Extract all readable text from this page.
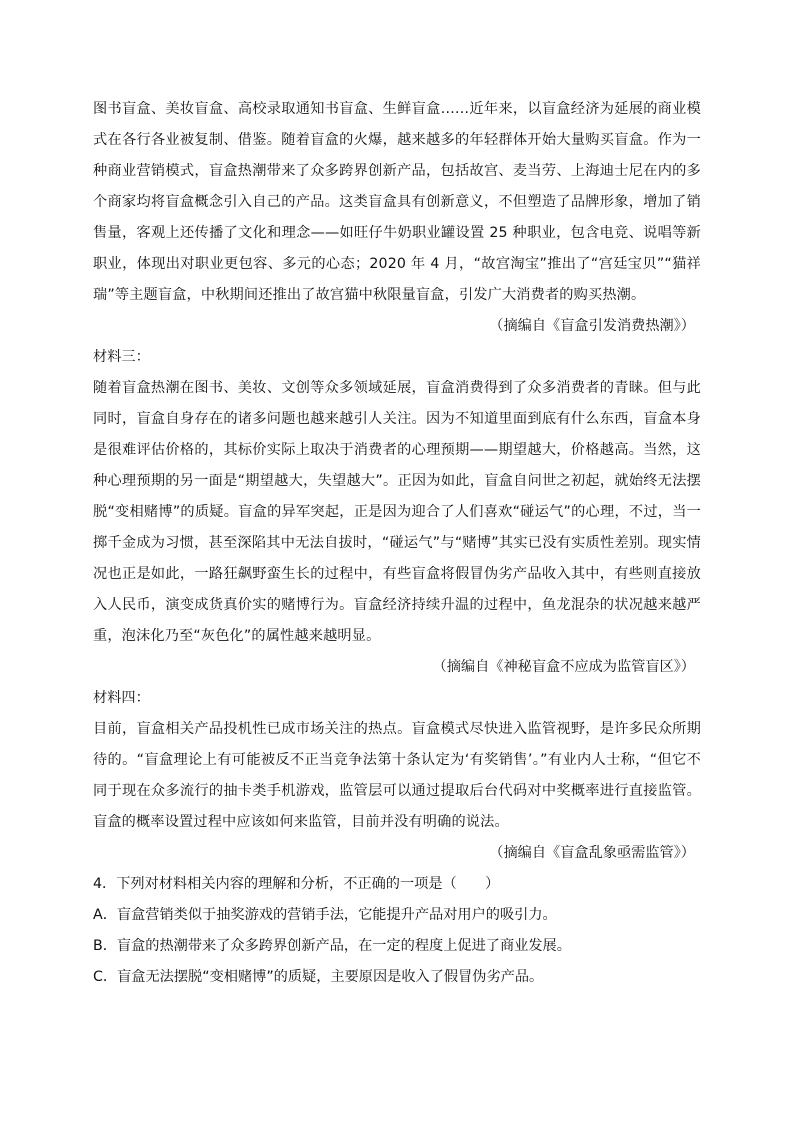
图书盲盒、美妆盲盒、高校录取通知书盲盒、生鲜盲盒……近年来，以盲盒经济为延展的商业模式在各行各业被复制、借鉴。随着盲盒的火爆，越来越多的年轻群体开始大量购买盲盒。作为一种商业营销模式，盲盒热潮带来了众多跨界创新产品，包括故宫、麦当劳、上海迪士尼在内的多个商家均将盲盒概念引入自己的产品。这类盲盒具有创新意义，不但塑造了品牌形象，增加了销售量，客观上还传播了文化和理念——如旺仔牛奶职业罐设置 25 种职业，包含电竞、说唱等新职业，体现出对职业更包容、多元的心态；2020 年 4 月，“故宫淘宝”推出了“宫廷宝贝”“猫祥瑞”等主题盲盒，中秋期间还推出了故宫猫中秋限量盲盒，引发广大消费者的购买热潮。

（摘编自《盲盒引发消费热潮》）

材料三：

随着盲盒热潮在图书、美妆、文创等众多领域延展，盲盒消费得到了众多消费者的青睐。但与此同时，盲盒自身存在的诸多问题也越来越引人关注。因为不知道里面到底有什么东西，盲盒本身是很难评估价格的，其标价实际上取决于消费者的心理预期——期望越大，价格越高。当然，这种心理预期的另一面是“期望越大，失望越大”。正因为如此，盲盒自问世之初起，就始终无法摆脱“变相赌博”的质疑。盲盒的异军突起，正是因为迎合了人们喜欢“碰运气”的心理，不过，当一掷千金成为习惯，甚至深陷其中无法自拔时，“碰运气”与“赌博”其实已没有实质性差别。现实情况也正是如此，一路狂飙野蛮生长的过程中，有些盲盒将假冒伪劣产品收入其中，有些则直接放入人民币，演变成货真价实的赌博行为。盲盒经济持续升温的过程中，鱼龙混杂的状况越来越严重，泡沫化乃至“灰色化”的属性越来越明显。

（摘编自《神秘盲盒不应成为监管盲区》）

材料四：

目前，盲盒相关产品投机性已成市场关注的热点。盲盒模式尽快进入监管视野，是许多民众所期待的。“盲盒理论上有可能被反不正当竞争法第十条认定为‘有奖销售’。”有业内人士称，“但它不同于现在众多流行的抽卡类手机游戏，监管层可以通过提取后台代码对中奖概率进行直接监管。盲盒的概率设置过程中应该如何来监管，目前并没有明确的说法。

（摘编自《盲盒乱象亟需监管》）

4．下列对材料相关内容的理解和分析，不正确的一项是（　　）

A．盲盒营销类似于抽奖游戏的营销手法，它能提升产品对用户的吸引力。

B．盲盒的热潮带来了众多跨界创新产品，在一定的程度上促进了商业发展。

C．盲盒无法摆脱“变相赌博”的质疑，主要原因是收入了假冒伪劣产品。
